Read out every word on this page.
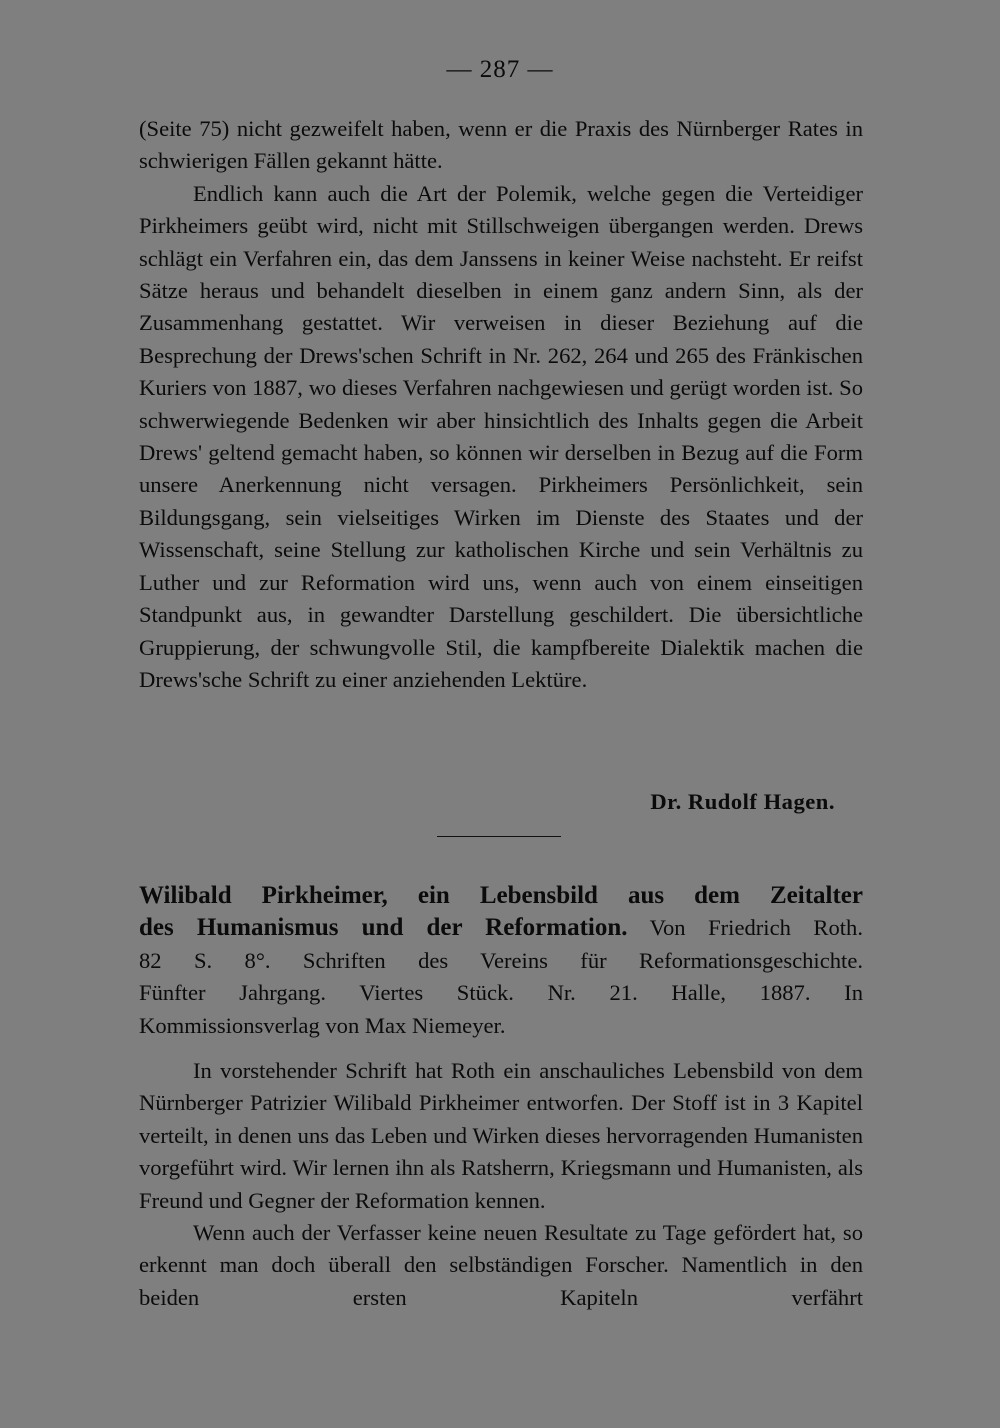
— 287 —

(Seite 75) nicht gezweifelt haben, wenn er die Praxis des Nürnberger Rates in schwierigen Fällen gekannt hätte.

Endlich kann auch die Art der Polemik, welche gegen die Verteidiger Pirkheimers geübt wird, nicht mit Stillschweigen übergangen werden. Drews schlägt ein Verfahren ein, das dem Janssens in keiner Weise nachsteht. Er reifst Sätze heraus und behandelt dieselben in einem ganz andern Sinn, als der Zusammenhang gestattet. Wir verweisen in dieser Beziehung auf die Besprechung der Drews'schen Schrift in Nr. 262, 264 und 265 des Fränkischen Kuriers von 1887, wo dieses Verfahren nachgewiesen und gerügt worden ist. So schwerwiegende Bedenken wir aber hinsichtlich des Inhalts gegen die Arbeit Drews' geltend gemacht haben, so können wir derselben in Bezug auf die Form unsere Anerkennung nicht versagen. Pirkheimers Persönlichkeit, sein Bildungsgang, sein vielseitiges Wirken im Dienste des Staates und der Wissenschaft, seine Stellung zur katholischen Kirche und sein Verhältnis zu Luther und zur Reformation wird uns, wenn auch von einem einseitigen Standpunkt aus, in gewandter Darstellung geschildert. Die übersichtliche Gruppierung, der schwungvolle Stil, die kampfbereite Dialektik machen die Drews'sche Schrift zu einer anziehenden Lektüre.

Dr. Rudolf Hagen.
Wilibald Pirkheimer, ein Lebensbild aus dem Zeitalter
des Humanismus und der Reformation. Von Friedrich Roth.
82 S. 8°. Schriften des Vereins für Reformationsgeschichte.
Fünfter Jahrgang. Viertes Stück. Nr. 21. Halle, 1887. In
Kommissionsverlag von Max Niemeyer.

In vorstehender Schrift hat Roth ein anschauliches Lebensbild von dem Nürnberger Patrizier Wilibald Pirkheimer entworfen. Der Stoff ist in 3 Kapitel verteilt, in denen uns das Leben und Wirken dieses hervorragenden Humanisten vorgeführt wird. Wir lernen ihn als Ratsherrn, Kriegsmann und Humanisten, als Freund und Gegner der Reformation kennen.

Wenn auch der Verfasser keine neuen Resultate zu Tage gefördert hat, so erkennt man doch überall den selbständigen Forscher. Namentlich in den beiden ersten Kapiteln verfährt
